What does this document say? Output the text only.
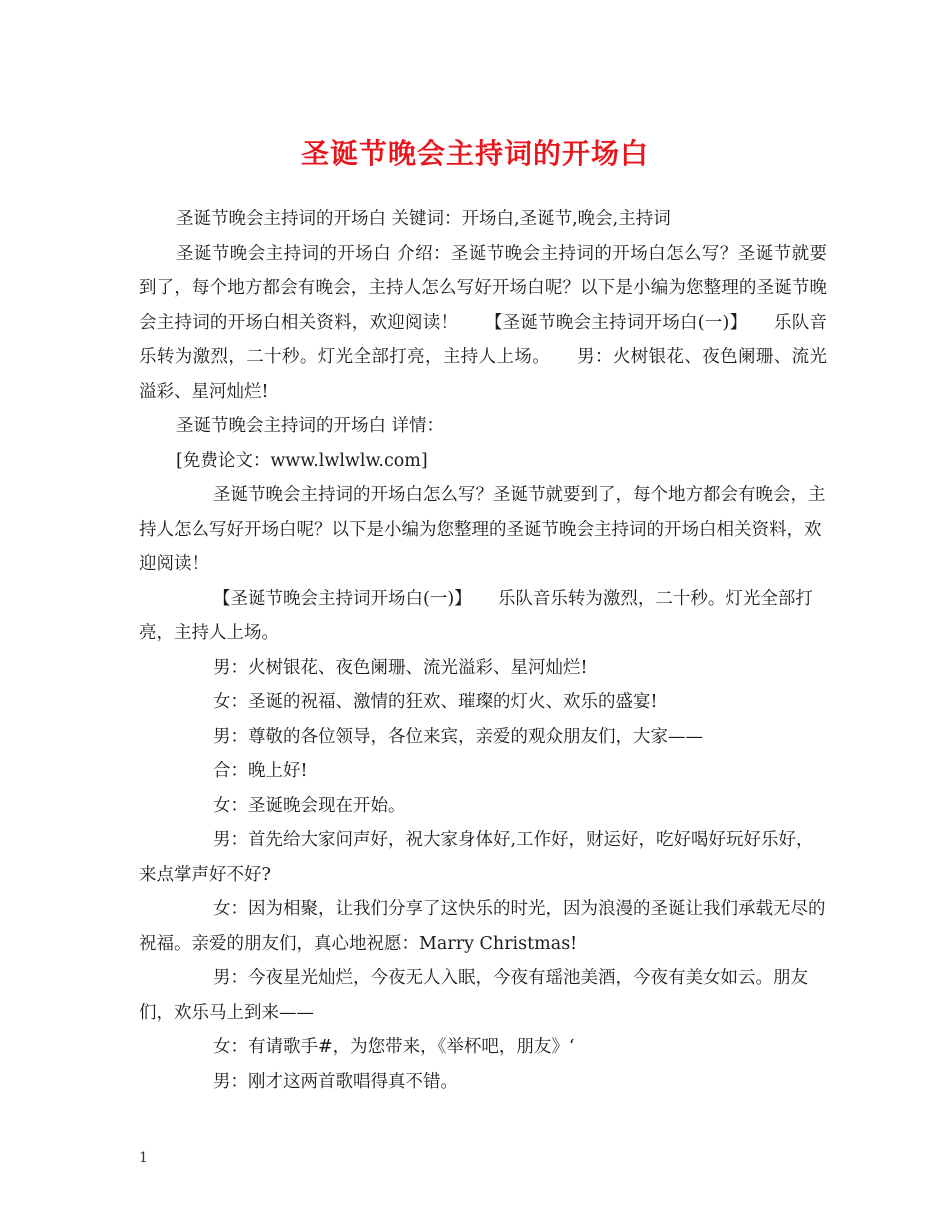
圣诞节晚会主持词的开场白

圣诞节晚会主持词的开场白 关键词：开场白,圣诞节,晚会,主持词

圣诞节晚会主持词的开场白 介绍：圣诞节晚会主持词的开场白怎么写？圣诞节就要到了，每个地方都会有晚会，主持人怎么写好开场白呢？以下是小编为您整理的圣诞节晚会主持词的开场白相关资料，欢迎阅读！　　【圣诞节晚会主持词开场白(一)】　　乐队音乐转为激烈，二十秒。灯光全部打亮，主持人上场。　　男：火树银花、夜色阑珊、流光溢彩、星河灿烂!

圣诞节晚会主持词的开场白 详情：

[免费论文：www.lwlwlw.com]

圣诞节晚会主持词的开场白怎么写？圣诞节就要到了，每个地方都会有晚会，主持人怎么写好开场白呢？以下是小编为您整理的圣诞节晚会主持词的开场白相关资料，欢迎阅读！

【圣诞节晚会主持词开场白(一)】　　乐队音乐转为激烈，二十秒。灯光全部打亮，主持人上场。

男：火树银花、夜色阑珊、流光溢彩、星河灿烂!

女：圣诞的祝福、激情的狂欢、璀璨的灯火、欢乐的盛宴!

男：尊敬的各位领导，各位来宾，亲爱的观众朋友们，大家——

合：晚上好!

女：圣诞晚会现在开始。

男：首先给大家问声好，祝大家身体好,工作好，财运好，吃好喝好玩好乐好，来点掌声好不好?

女：因为相聚，让我们分享了这快乐的时光，因为浪漫的圣诞让我们承载无尽的祝福。亲爱的朋友们，真心地祝愿：Marry Christmas!

男：今夜星光灿烂，今夜无人入眠，今夜有瑶池美酒，今夜有美女如云。朋友们，欢乐马上到来——

女：有请歌手#，为您带来，《举杯吧，朋友》‘

男：刚才这两首歌唱得真不错。

1
